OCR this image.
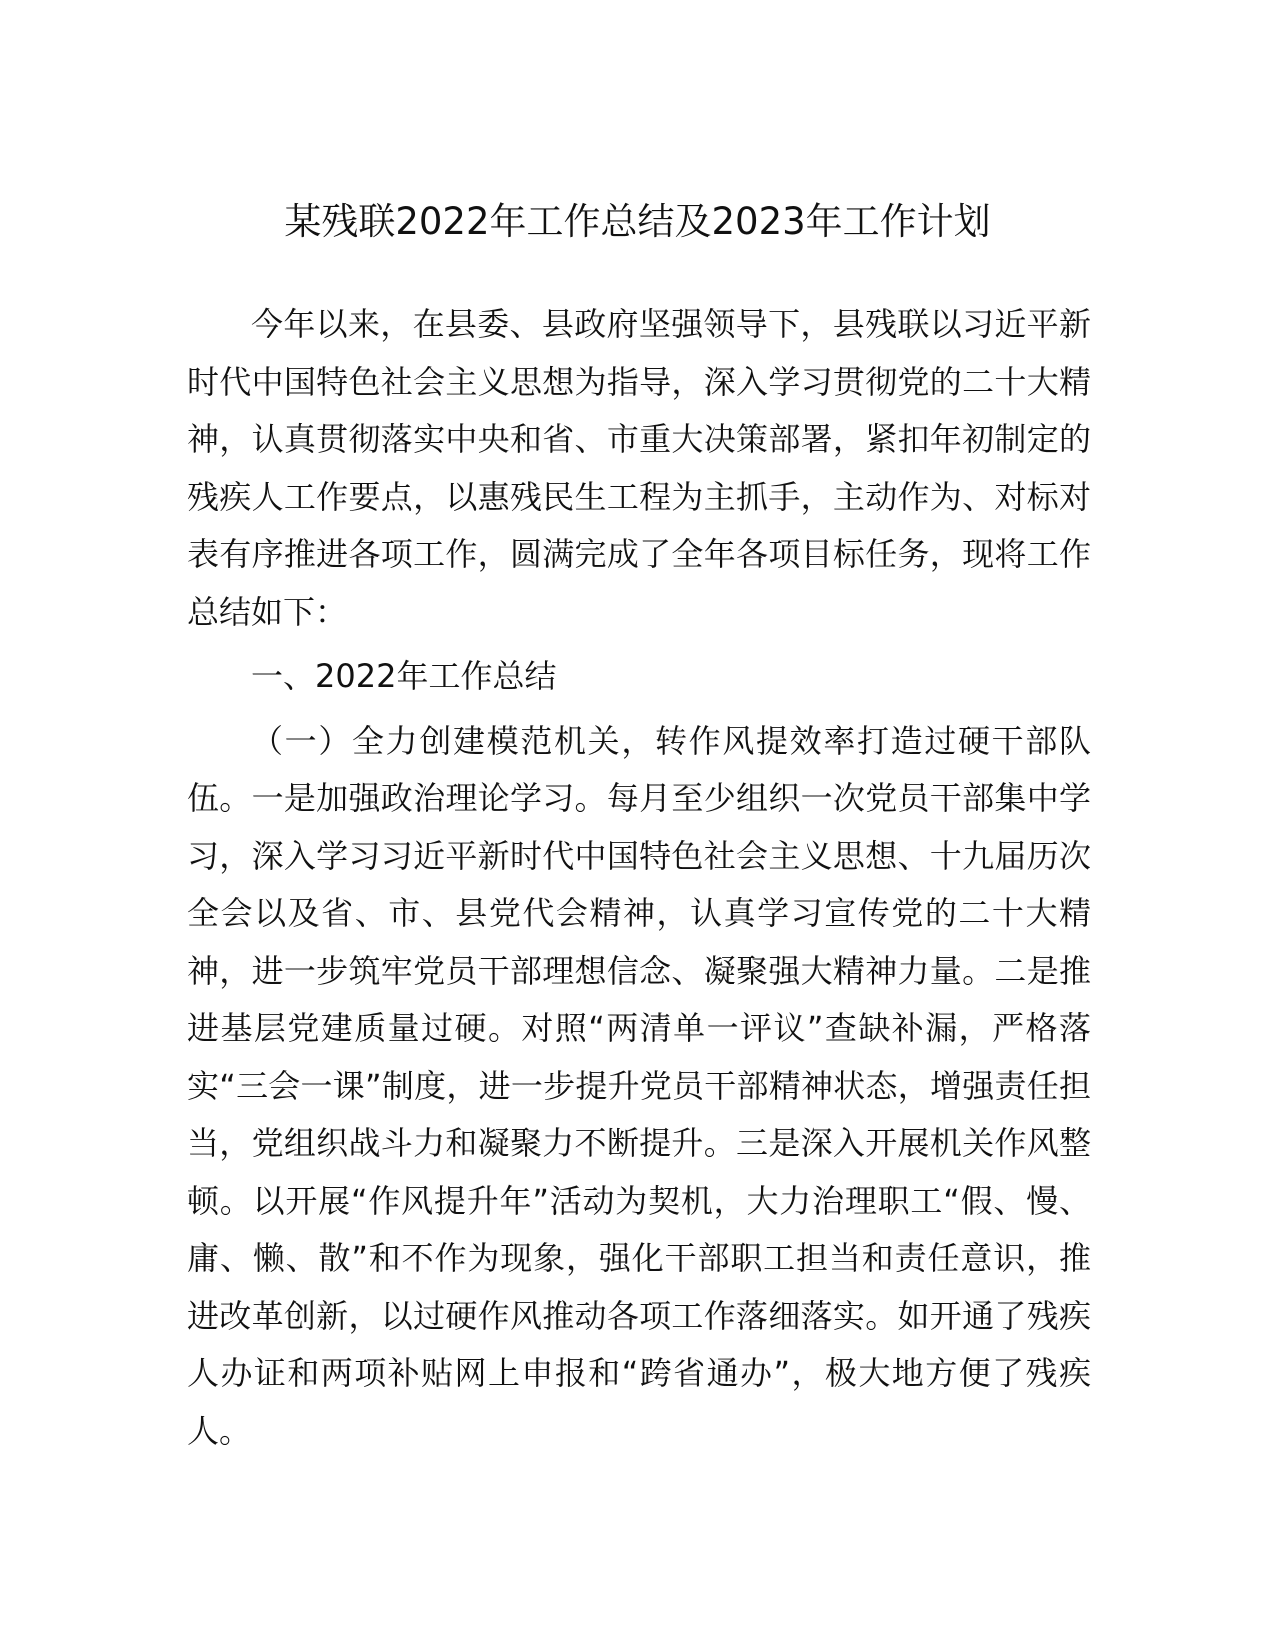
某残联2022年工作总结及2023年工作计划

今年以来，在县委、县政府坚强领导下，县残联以习近平新时代中国特色社会主义思想为指导，深入学习贯彻党的二十大精神，认真贯彻落实中央和省、市重大决策部署，紧扣年初制定的残疾人工作要点，以惠残民生工程为主抓手，主动作为、对标对表有序推进各项工作，圆满完成了全年各项目标任务，现将工作总结如下：

一、2022年工作总结

（一）全力创建模范机关，转作风提效率打造过硬干部队伍。一是加强政治理论学习。每月至少组织一次党员干部集中学习，深入学习习近平新时代中国特色社会主义思想、十九届历次全会以及省、市、县党代会精神，认真学习宣传党的二十大精神，进一步筑牢党员干部理想信念、凝聚强大精神力量。二是推进基层党建质量过硬。对照“两清单一评议”查缺补漏，严格落实“三会一课”制度，进一步提升党员干部精神状态，增强责任担当，党组织战斗力和凝聚力不断提升。三是深入开展机关作风整顿。以开展“作风提升年”活动为契机，大力治理职工“假、慢、庸、懒、散”和不作为现象，强化干部职工担当和责任意识，推进改革创新，以过硬作风推动各项工作落细落实。如开通了残疾人办证和两项补贴网上申报和“跨省通办”，极大地方便了残疾人。
